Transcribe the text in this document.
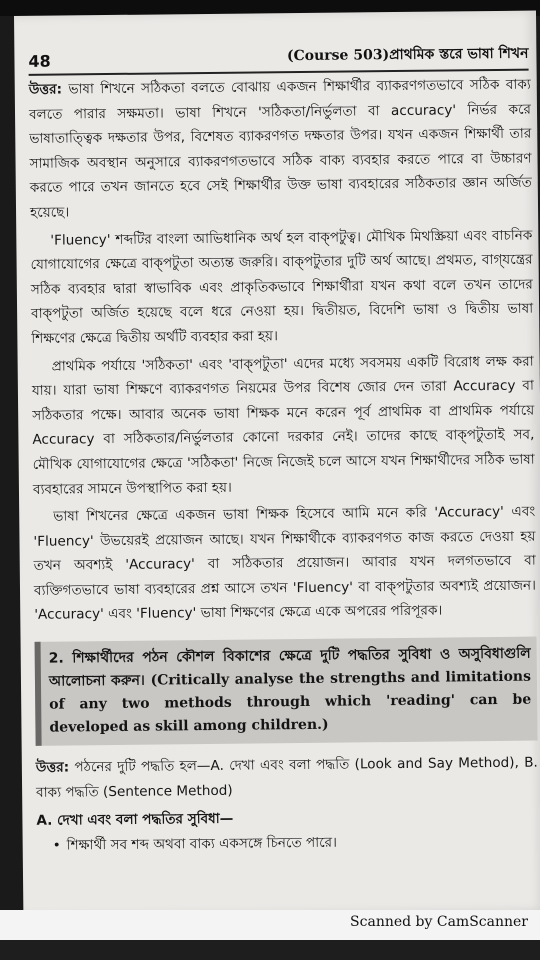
48	(Course 503)প্রাথমিক স্তরে ভাষা শিখন

উত্তর: ভাষা শিখনে সঠিকতা বলতে বোঝায় একজন শিক্ষার্থীর ব্যাকরণগতভাবে সঠিক বাক্য বলতে পারার সক্ষমতা। ভাষা শিখনে 'সঠিকতা/নির্ভুলতা বা accuracy' নির্ভর করে ভাষাতাত্ত্বিক দক্ষতার উপর, বিশেষত ব্যাকরণগত দক্ষতার উপর। যখন একজন শিক্ষার্থী তার সামাজিক অবস্থান অনুসারে ব্যাকরণগতভাবে সঠিক বাক্য ব্যবহার করতে পারে বা উচ্চারণ করতে পারে তখন জানতে হবে সেই শিক্ষার্থীর উক্ত ভাষা ব্যবহারের সঠিকতার জ্ঞান অর্জিত হয়েছে।

'Fluency' শব্দটির বাংলা আভিধানিক অর্থ হল বাক্‌পটুত্ব। মৌখিক মিথস্ক্রিয়া এবং বাচনিক যোগাযোগের ক্ষেত্রে বাক্‌পটুতা অত্যন্ত জরুরি। বাক্‌পটুতার দুটি অর্থ আছে। প্রথমত, বাগ্‌যন্ত্রের সঠিক ব্যবহার দ্বারা স্বাভাবিক এবং প্রাকৃতিকভাবে শিক্ষার্থীরা যখন কথা বলে তখন তাদের বাক্‌পটুতা অর্জিত হয়েছে বলে ধরে নেওয়া হয়। দ্বিতীয়ত, বিদেশি ভাষা ও দ্বিতীয় ভাষা শিক্ষণের ক্ষেত্রে দ্বিতীয় অর্থটি ব্যবহার করা হয়।

প্রাথমিক পর্যায়ে 'সঠিকতা' এবং 'বাক্‌পটুতা' এদের মধ্যে সবসময় একটি বিরোধ লক্ষ করা যায়। যারা ভাষা শিক্ষণে ব্যাকরণগত নিয়মের উপর বিশেষ জোর দেন তারা Accuracy বা সঠিকতার পক্ষে। আবার অনেক ভাষা শিক্ষক মনে করেন পূর্ব প্রাথমিক বা প্রাথমিক পর্যায়ে Accuracy বা সঠিকতার/নির্ভুলতার কোনো দরকার নেই। তাদের কাছে বাক্‌পটুতাই সব, মৌখিক যোগাযোগের ক্ষেত্রে 'সঠিকতা' নিজে নিজেই চলে আসে যখন শিক্ষার্থীদের সঠিক ভাষা ব্যবহারের সামনে উপস্থাপিত করা হয়।

ভাষা শিখনের ক্ষেত্রে একজন ভাষা শিক্ষক হিসেবে আমি মনে করি 'Accuracy' এবং 'Fluency' উভয়েরই প্রয়োজন আছে। যখন শিক্ষার্থীকে ব্যাকরণগত কাজ করতে দেওয়া হয় তখন অবশ্যই 'Accuracy' বা সঠিকতার প্রয়োজন। আবার যখন দলগতভাবে বা ব্যক্তিগতভাবে ভাষা ব্যবহারের প্রশ্ন আসে তখন 'Fluency' বা বাক্‌পটুতার অবশ্যই প্রয়োজন। 'Accuracy' এবং 'Fluency' ভাষা শিক্ষণের ক্ষেত্রে একে অপরের পরিপূরক।

2. শিক্ষার্থীদের পঠন কৌশল বিকাশের ক্ষেত্রে দুটি পদ্ধতির সুবিধা ও অসুবিধাগুলি আলোচনা করুন। (Critically analyse the strengths and limitations of any two methods through which 'reading' can be developed as skill among children.)

উত্তর: পঠনের দুটি পদ্ধতি হল—A. দেখা এবং বলা পদ্ধতি (Look and Say Method), B. বাক্য পদ্ধতি (Sentence Method)

A. দেখা এবং বলা পদ্ধতির সুবিধা—
• শিক্ষার্থী সব শব্দ অথবা বাক্য একসঙ্গে চিনতে পারে।
Scanned by CamScanner
